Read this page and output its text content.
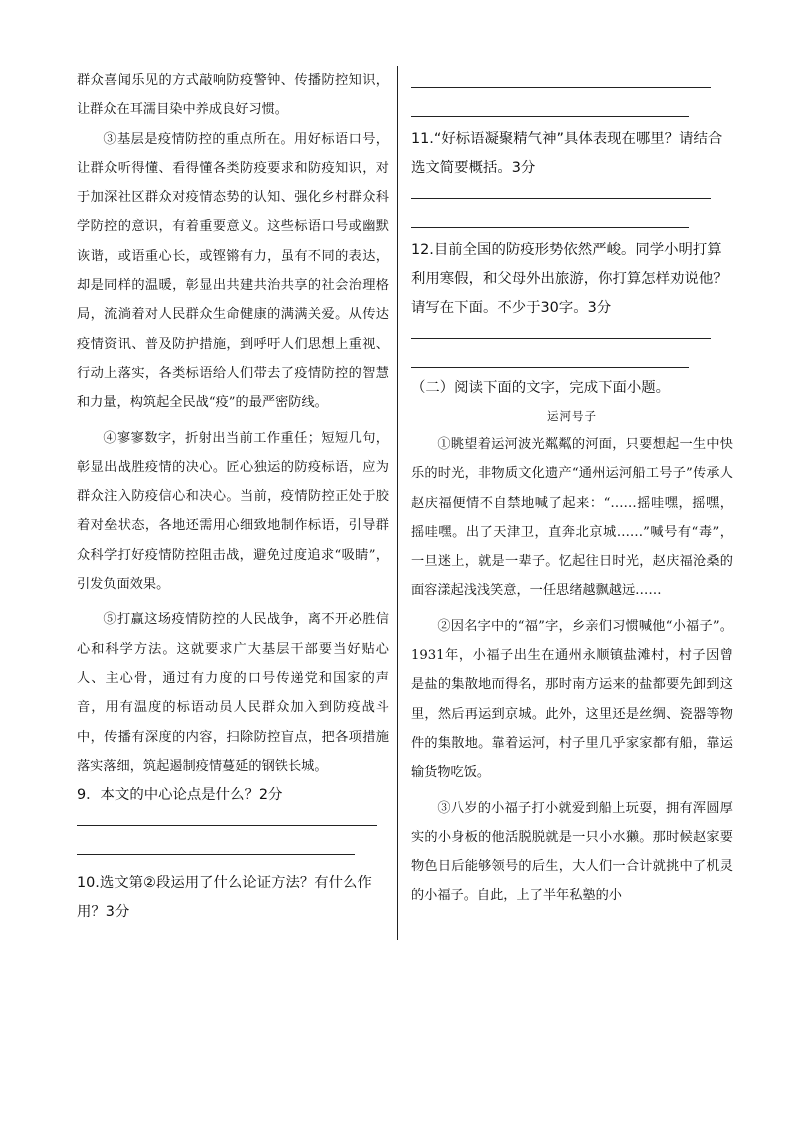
群众喜闻乐见的方式敲响防疫警钟、传播防控知识，让群众在耳濡目染中养成良好习惯。

③基层是疫情防控的重点所在。用好标语口号，让群众听得懂、看得懂各类防疫要求和防疫知识，对于加深社区群众对疫情态势的认知、强化乡村群众科学防控的意识，有着重要意义。这些标语口号或幽默诙谐，或语重心长，或铿锵有力，虽有不同的表达，却是同样的温暖，彰显出共建共治共享的社会治理格局，流淌着对人民群众生命健康的满满关爱。从传达疫情资讯、普及防护措施，到呼吁人们思想上重视、行动上落实，各类标语给人们带去了疫情防控的智慧和力量，构筑起全民战“疫”的最严密防线。

④寥寥数字，折射出当前工作重任；短短几句，彰显出战胜疫情的决心。匠心独运的防疫标语，应为群众注入防疫信心和决心。当前，疫情防控正处于胶着对垒状态，各地还需用心细致地制作标语，引导群众科学打好疫情防控阻击战，避免过度追求“吸睛”，引发负面效果。

⑤打赢这场疫情防控的人民战争，离不开必胜信心和科学方法。这就要求广大基层干部要当好贴心人、主心骨，通过有力度的口号传递党和国家的声音，用有温度的标语动员人民群众加入到防疫战斗中，传播有深度的内容，扫除防控盲点，把各项措施落实落细，筑起遏制疫情蔓延的钢铁长城。

9．本文的中心论点是什么？2分

10.选文第②段运用了什么论证方法？有什么作用？3分

11.“好标语凝聚精气神”具体表现在哪里？请结合选文简要概括。3分

12.目前全国的防疫形势依然严峻。同学小明打算利用寒假，和父母外出旅游，你打算怎样劝说他？请写在下面。不少于30字。3分

（二）阅读下面的文字，完成下面小题。

运河号子

①眺望着运河波光粼粼的河面，只要想起一生中快乐的时光，非物质文化遗产“通州运河船工号子”传承人赵庆福便情不自禁地喊了起来：“……摇哇嘿，摇嘿，摇哇嘿。出了天津卫，直奔北京城……”喊号有“毒”，一旦迷上，就是一辈子。忆起往日时光，赵庆福沧桑的面容漾起浅浅笑意，一任思绪越飘越远……

②因名字中的“福”字，乡亲们习惯喊他“小福子”。1931年，小福子出生在通州永顺镇盐滩村，村子因曾是盐的集散地而得名，那时南方运来的盐都要先卸到这里，然后再运到京城。此外，这里还是丝绸、瓷器等物件的集散地。靠着运河，村子里几乎家家都有船，靠运输货物吃饭。

③八岁的小福子打小就爱到船上玩耍，拥有浑圆厚实的小身板的他活脱脱就是一只小水獭。那时候赵家要物色日后能够领号的后生，大人们一合计就挑中了机灵的小福子。自此，上了半年私塾的小
